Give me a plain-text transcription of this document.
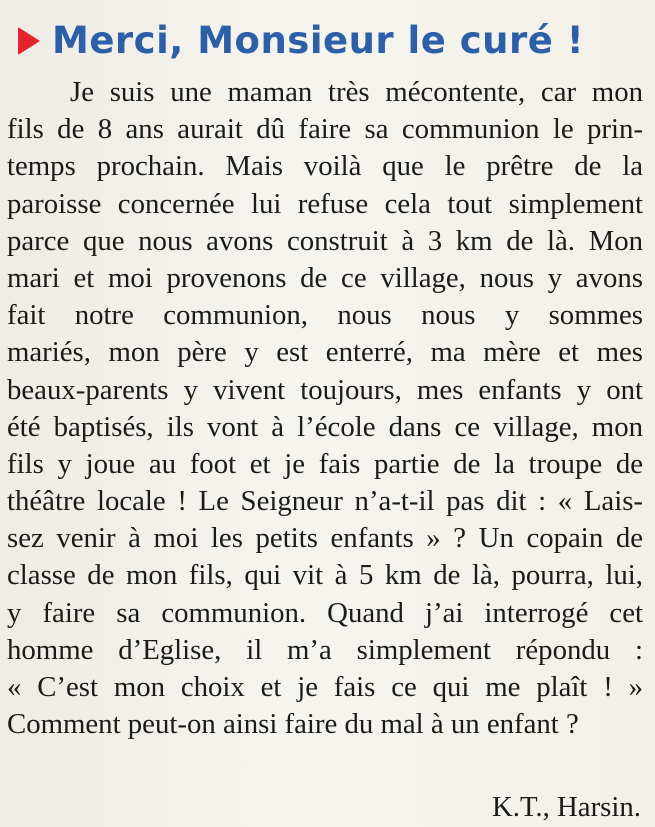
Merci, Monsieur le curé !
Je suis une maman très mécontente, car mon
fils de 8 ans aurait dû faire sa communion le prin-
temps prochain. Mais voilà que le prêtre de la
paroisse concernée lui refuse cela tout simplement
parce que nous avons construit à 3 km de là. Mon
mari et moi provenons de ce village, nous y avons
fait notre communion, nous nous y sommes
mariés, mon père y est enterré, ma mère et mes
beaux-parents y vivent toujours, mes enfants y ont
été baptisés, ils vont à l’école dans ce village, mon
fils y joue au foot et je fais partie de la troupe de
théâtre locale ! Le Seigneur n’a-t-il pas dit : « Lais-
sez venir à moi les petits enfants » ? Un copain de
classe de mon fils, qui vit à 5 km de là, pourra, lui,
y faire sa communion. Quand j’ai interrogé cet
homme d’Eglise, il m’a simplement répondu :
« C’est mon choix et je fais ce qui me plaît ! »
Comment peut-on ainsi faire du mal à un enfant ?
K.T., Harsin.
